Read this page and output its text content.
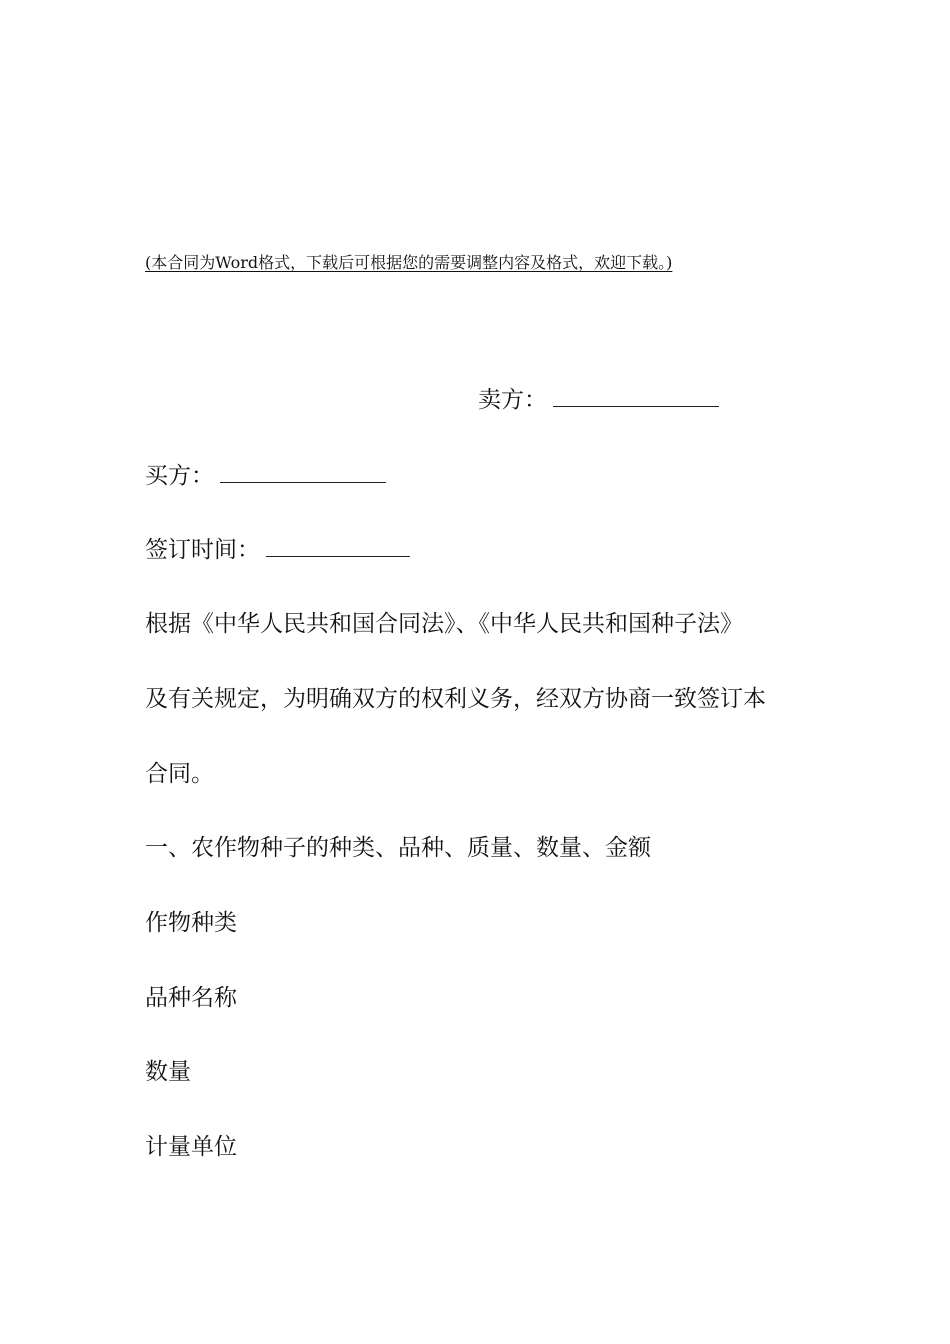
(本合同为Word格式，下载后可根据您的需要调整内容及格式，欢迎下载。)
卖方：
买方：
签订时间：
根据《中华人民共和国合同法》、《中华人民共和国种子法》
及有关规定，为明确双方的权利义务，经双方协商一致签订本
合同。
一、农作物种子的种类、品种、质量、数量、金额
作物种类
品种名称
数量
计量单位
